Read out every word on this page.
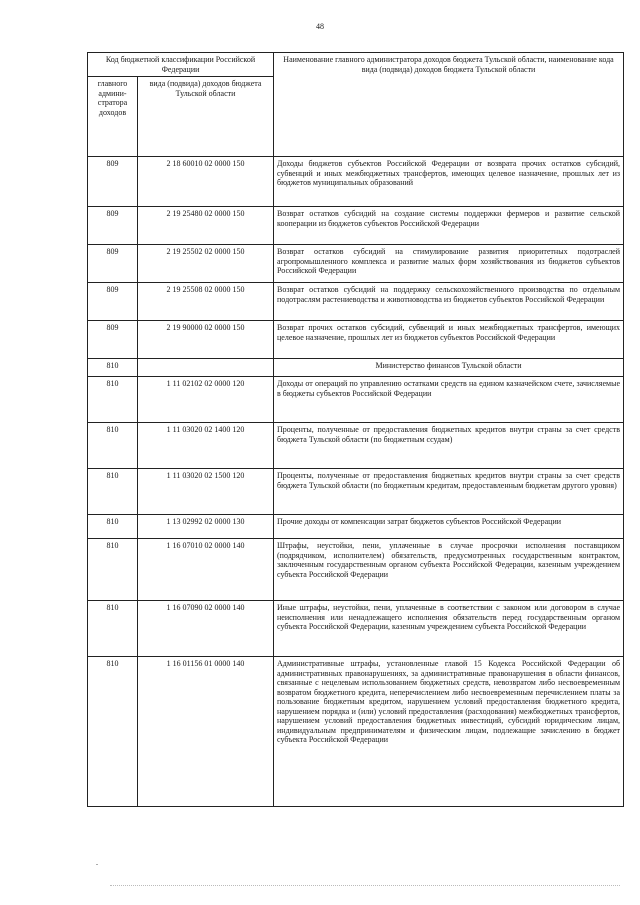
48
Код бюджетной классификации Российской Федерации		Наименование главного администратора доходов бюджета Тульской области, наименование кода вида (подвида) доходов бюджета Тульской области
главного админи-стратора доходов	вида (подвида) доходов бюджета Тульской области	
809	2 18 60010 02 0000 150	Доходы бюджетов субъектов Российской Федерации от возврата прочих остатков субсидий, субвенций и иных межбюджетных трансфертов, имеющих целевое назначение, прошлых лет из бюджетов муниципальных образований
809	2 19 25480 02 0000 150	Возврат остатков субсидий на создание системы поддержки фермеров и развитие сельской кооперации из бюджетов субъектов Российской Федерации
809	2 19 25502 02 0000 150	Возврат остатков субсидий на стимулирование развития приоритетных подотраслей агропромышленного комплекса и развитие малых форм хозяйствования из бюджетов субъектов Российской Федерации
809	2 19 25508 02 0000 150	Возврат остатков субсидий на поддержку сельскохозяйственного производства по отдельным подотраслям растениеводства и животноводства из бюджетов субъектов Российской Федерации
809	2 19 90000 02 0000 150	Возврат прочих остатков субсидий, субвенций и иных межбюджетных трансфертов, имеющих целевое назначение, прошлых лет из бюджетов субъектов Российской Федерации
810		Министерство финансов Тульской области
810	1 11 02102 02 0000 120	Доходы от операций по управлению остатками средств на едином казначейском счете, зачисляемые в бюджеты субъектов Российской Федерации
810	1 11 03020 02 1400 120	Проценты, полученные от предоставления бюджетных кредитов внутри страны за счет средств бюджета Тульской области (по бюджетным ссудам)
810	1 11 03020 02 1500 120	Проценты, полученные от предоставления бюджетных кредитов внутри страны за счет средств бюджета Тульской области (по бюджетным кредитам, предоставленным бюджетам другого уровня)
810	1 13 02992 02 0000 130	Прочие доходы от компенсации затрат бюджетов субъектов Российской Федерации
810	1 16 07010 02 0000 140	Штрафы, неустойки, пени, уплаченные в случае просрочки исполнения поставщиком (подрядчиком, исполнителем) обязательств, предусмотренных государственным контрактом, заключенным государственным органом субъекта Российской Федерации, казенным учреждением субъекта Российской Федерации
810	1 16 07090 02 0000 140	Иные штрафы, неустойки, пени, уплаченные в соответствии с законом или договором в случае неисполнения или ненадлежащего исполнения обязательств перед государственным органом субъекта Российской Федерации, казенным учреждением субъекта Российской Федерации
810	1 16 01156 01 0000 140	Административные штрафы, установленные главой 15 Кодекса Российской Федерации об административных правонарушениях, за административные правонарушения в области финансов, связанные с нецелевым использованием бюджетных средств, невозвратом либо несвоевременным возвратом бюджетного кредита, неперечислением либо несвоевременным перечислением платы за пользование бюджетным кредитом, нарушением условий предоставления бюджетного кредита, нарушением порядка и (или) условий предоставления (расходования) межбюджетных трансфертов, нарушением условий предоставления бюджетных инвестиций, субсидий юридическим лицам, индивидуальным предпринимателям и физическим лицам, подлежащие зачислению в бюджет субъекта Российской Федерации
.
